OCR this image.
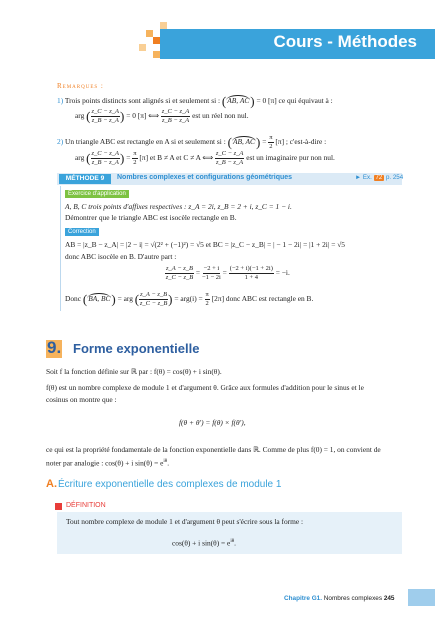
Cours - Méthodes
Remarques :
1) Trois points distincts sont alignés si et seulement si : (AB, AC) = 0 [π] ce qui équivaut à :
arg ( $\frac{z\_C - z\_A}{z\_B - z\_A}$ ) = 0 [π] ⟺ $\frac{z\_C - z\_A}{z\_B - z\_A}$ est un réel non nul.
2) Un triangle ABC est rectangle en A si et seulement si : (AB, $AC) = \frac{\pi}{2} [\pi]$ ; c'est-à-dire :
arg ( $\frac{z\_C - z\_A}{z\_B - z\_A}$ ) = $\frac{\pi}{2} [\pi]$ et B ≠ A et C ≠ A ⟺ $\frac{z\_C - z\_A}{z\_B - z\_A}$ est un imaginaire pur non nul.
MÉTHODE 9	Nombres complexes et configurations géométriques	► Ex. 72 p. 254
Exercice d'application
A, B, C trois points d'affixes respectives : z_A = 2i, z_B = 2 + i, z_C = 1 − i.
Démontrer que le triangle ABC est isocèle rectangle en B.
Correction
AB = |z_B − z_A| = |2 − i| = √(2² + (−1)²) = √5 et BC = |z_C − z_B| = | − 1 − 2i| = |1 + 2i| = √5
donc ABC isocèle en B. D'autre part :
$\frac{z\_A - z\_B}{z\_C - z\_B} = \frac{-2 + i}{-1 - 2i} = \frac{(-2 + i)(-1 + 2i)}{1 + 4} = -i$.
Donc (BA, BC) = arg ( $\frac{z\_A - z\_B}{z\_C - z\_B}$ ) = $arg(i) = \frac{\pi}{2} [2\pi]$ donc ABC est rectangle en B.
9. Forme exponentielle
Soit f la fonction définie sur ℝ par : f(θ) = cos(θ) + i sin(θ).
f(θ) est un nombre complexe de module 1 et d'argument θ. Grâce aux formules d'addition pour le sinus et le
cosinus on montre que :
f(θ + θ′) = f(θ) × f(θ′),
ce qui est la propriété fondamentale de la fonction exponentielle dans ℝ. Comme de plus f(0) = 1, on convient de
noter par analogie : cos(θ) + i $\sin(\theta) = e^{i\theta}$.
A. Écriture exponentielle des complexes de module 1
DÉFINITION
Tout nombre complexe de module 1 et d'argument θ peut s'écrire sous la forme :
cos(θ) + i $\sin(\theta) = e^{i\theta}$.
Chapitre G1. Nombres complexes 245
